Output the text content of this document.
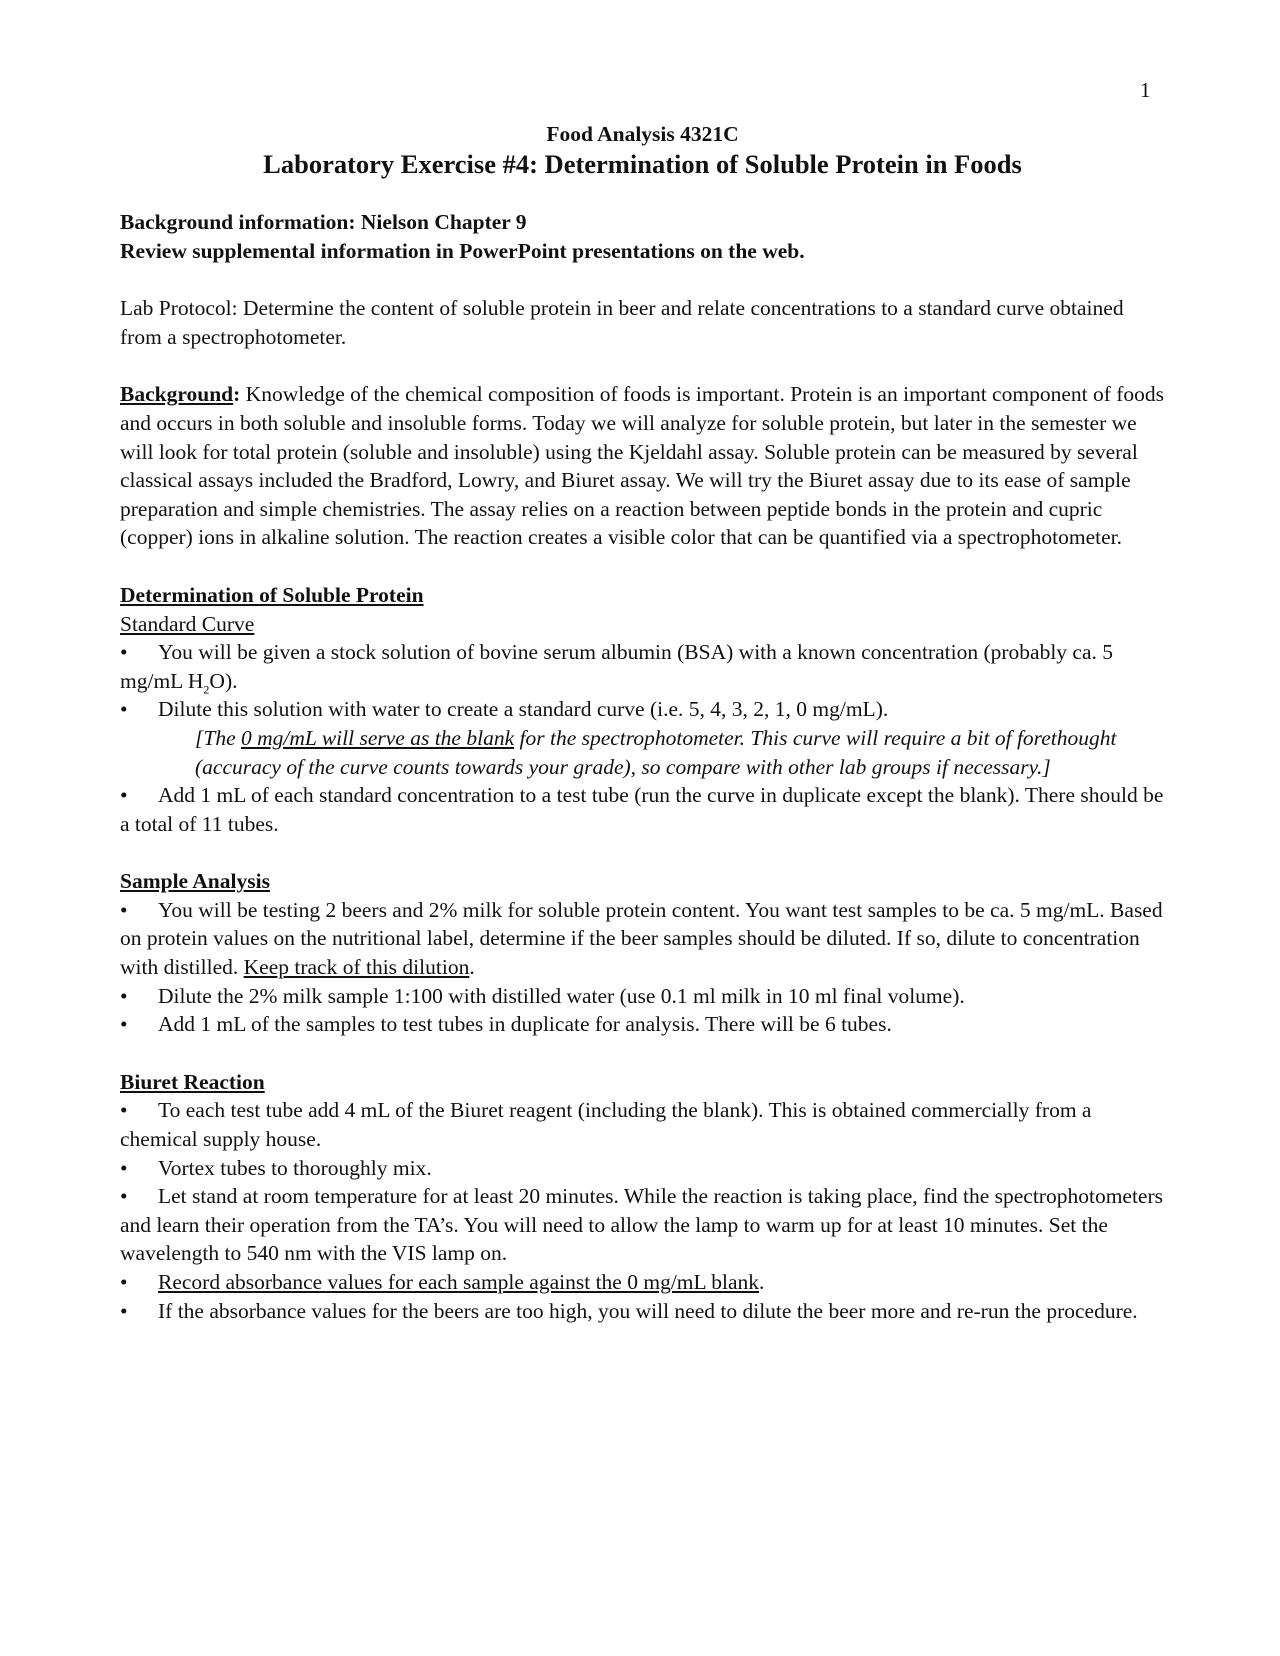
1
Food Analysis 4321C
Laboratory Exercise #4: Determination of Soluble Protein in Foods

Background information: Nielson Chapter 9

Review supplemental information in PowerPoint presentations on the web.

Lab Protocol: Determine the content of soluble protein in beer and relate concentrations to a standard curve obtained from a spectrophotometer.

Background: Knowledge of the chemical composition of foods is important. Protein is an important component of foods and occurs in both soluble and insoluble forms. Today we will analyze for soluble protein, but later in the semester we will look for total protein (soluble and insoluble) using the Kjeldahl assay. Soluble protein can be measured by several classical assays included the Bradford, Lowry, and Biuret assay. We will try the Biuret assay due to its ease of sample preparation and simple chemistries. The assay relies on a reaction between peptide bonds in the protein and cupric (copper) ions in alkaline solution. The reaction creates a visible color that can be quantified via a spectrophotometer.

Determination of Soluble Protein

Standard Curve

• You will be given a stock solution of bovine serum albumin (BSA) with a known concentration (probably ca. 5 mg/mL $H_2O$).

• Dilute this solution with water to create a standard curve (i.e. 5, 4, 3, 2, 1, 0 mg/mL).

[The 0 mg/mL will serve as the blank for the spectrophotometer. This curve will require a bit of forethought (accuracy of the curve counts towards your grade), so compare with other lab groups if necessary.]

• Add 1 mL of each standard concentration to a test tube (run the curve in duplicate except the blank). There should be a total of 11 tubes.

Sample Analysis

• You will be testing 2 beers and 2% milk for soluble protein content. You want test samples to be ca. 5 mg/mL. Based on protein values on the nutritional label, determine if the beer samples should be diluted. If so, dilute to concentration with distilled. Keep track of this dilution.

• Dilute the 2% milk sample 1:100 with distilled water (use 0.1 ml milk in 10 ml final volume).

• Add 1 mL of the samples to test tubes in duplicate for analysis. There will be 6 tubes.

Biuret Reaction

• To each test tube add 4 mL of the Biuret reagent (including the blank). This is obtained commercially from a chemical supply house.

• Vortex tubes to thoroughly mix.

• Let stand at room temperature for at least 20 minutes. While the reaction is taking place, find the spectrophotometers and learn their operation from the TA’s. You will need to allow the lamp to warm up for at least 10 minutes. Set the wavelength to 540 nm with the VIS lamp on.

• Record absorbance values for each sample against the 0 mg/mL blank.

• If the absorbance values for the beers are too high, you will need to dilute the beer more and re-run the procedure.
